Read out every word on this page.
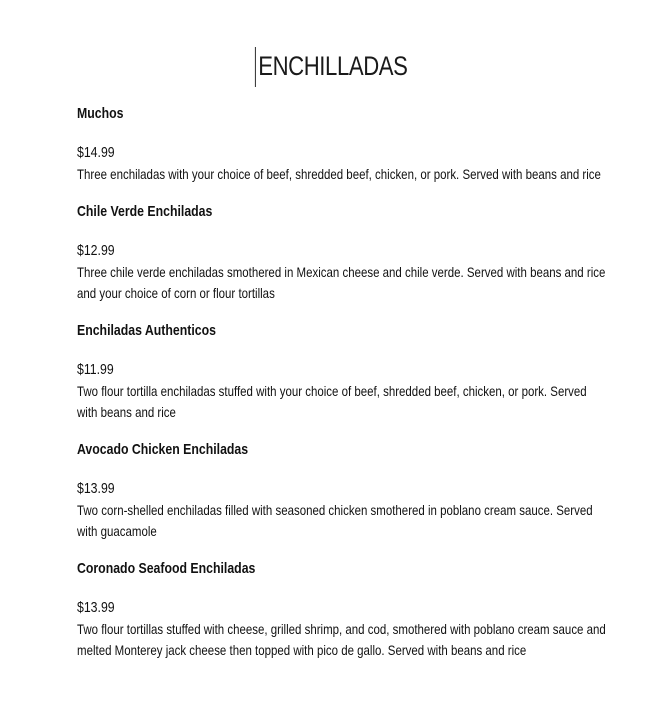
ENCHILLADAS
Muchos
$14.99
Three enchiladas with your choice of beef, shredded beef, chicken, or pork. Served with beans and rice
Chile Verde Enchiladas
$12.99
Three chile verde enchiladas smothered in Mexican cheese and chile verde. Served with beans and rice and your choice of corn or flour tortillas
Enchiladas Authenticos
$11.99
Two flour tortilla enchiladas stuffed with your choice of beef, shredded beef, chicken, or pork. Served with beans and rice
Avocado Chicken Enchiladas
$13.99
Two corn-shelled enchiladas filled with seasoned chicken smothered in poblano cream sauce. Served with guacamole
Coronado Seafood Enchiladas
$13.99
Two flour tortillas stuffed with cheese, grilled shrimp, and cod, smothered with poblano cream sauce and melted Monterey jack cheese then topped with pico de gallo. Served with beans and rice
